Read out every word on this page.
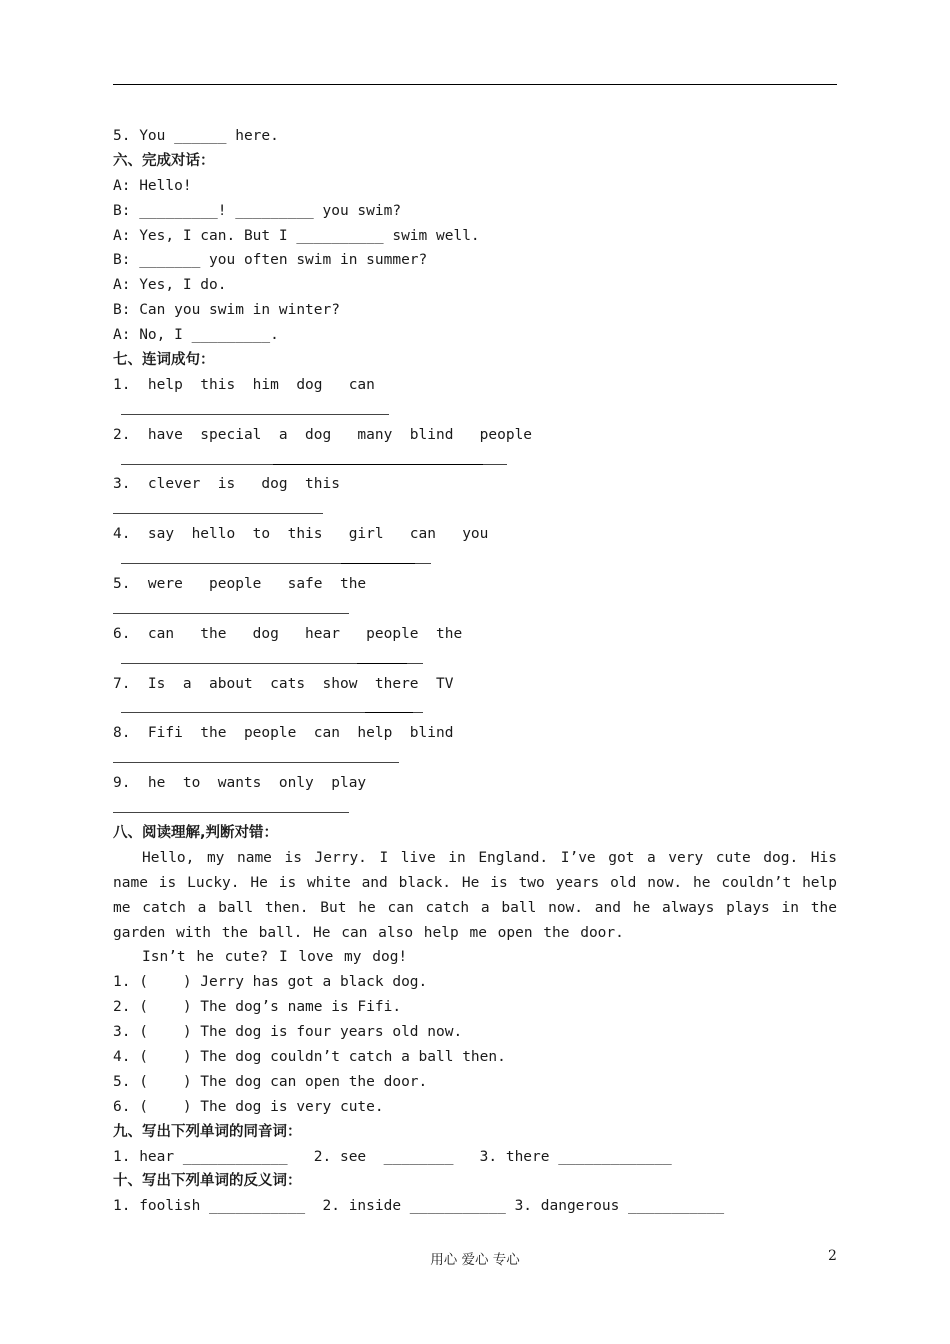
5. You ______ here.
六、完成对话：
A: Hello!
B: _________! _________ you swim?
A: Yes, I can. But I __________ swim well.
B: _______ you often swim in summer?
A: Yes, I do.
B: Can you swim in winter?
A: No, I _________.
七、连词成句：
1.  help  this  him  dog   can
2.  have  special  a  dog   many  blind   people
3.  clever  is   dog  this
4.  say  hello  to  this   girl   can   you
5.  were   people   safe  the
6.  can   the   dog   hear   people  the
7.  Is  a  about  cats  show  there  TV
8.  Fifi  the  people  can  help  blind
9.  he  to  wants  only  play
八、阅读理解,判断对错：
Hello, my name is Jerry. I live in England. I’ve got a very cute dog. His name is Lucky. He is white and black. He is two years old now. he couldn’t help me catch a ball then. But he can catch a ball now. and he always plays in the garden with the ball. He can also help me open the door.
Isn’t he cute? I love my dog!
1. (    ) Jerry has got a black dog.
2. (    ) The dog’s name is Fifi.
3. (    ) The dog is four years old now.
4. (    ) The dog couldn’t catch a ball then.
5. (    ) The dog can open the door.
6. (    ) The dog is very cute.
九、写出下列单词的同音词：
1. hear ____________   2. see  ________   3. there _____________
十、写出下列单词的反义词：
1. foolish ___________  2. inside ___________ 3. dangerous ___________
用心 爱心 专心	2
